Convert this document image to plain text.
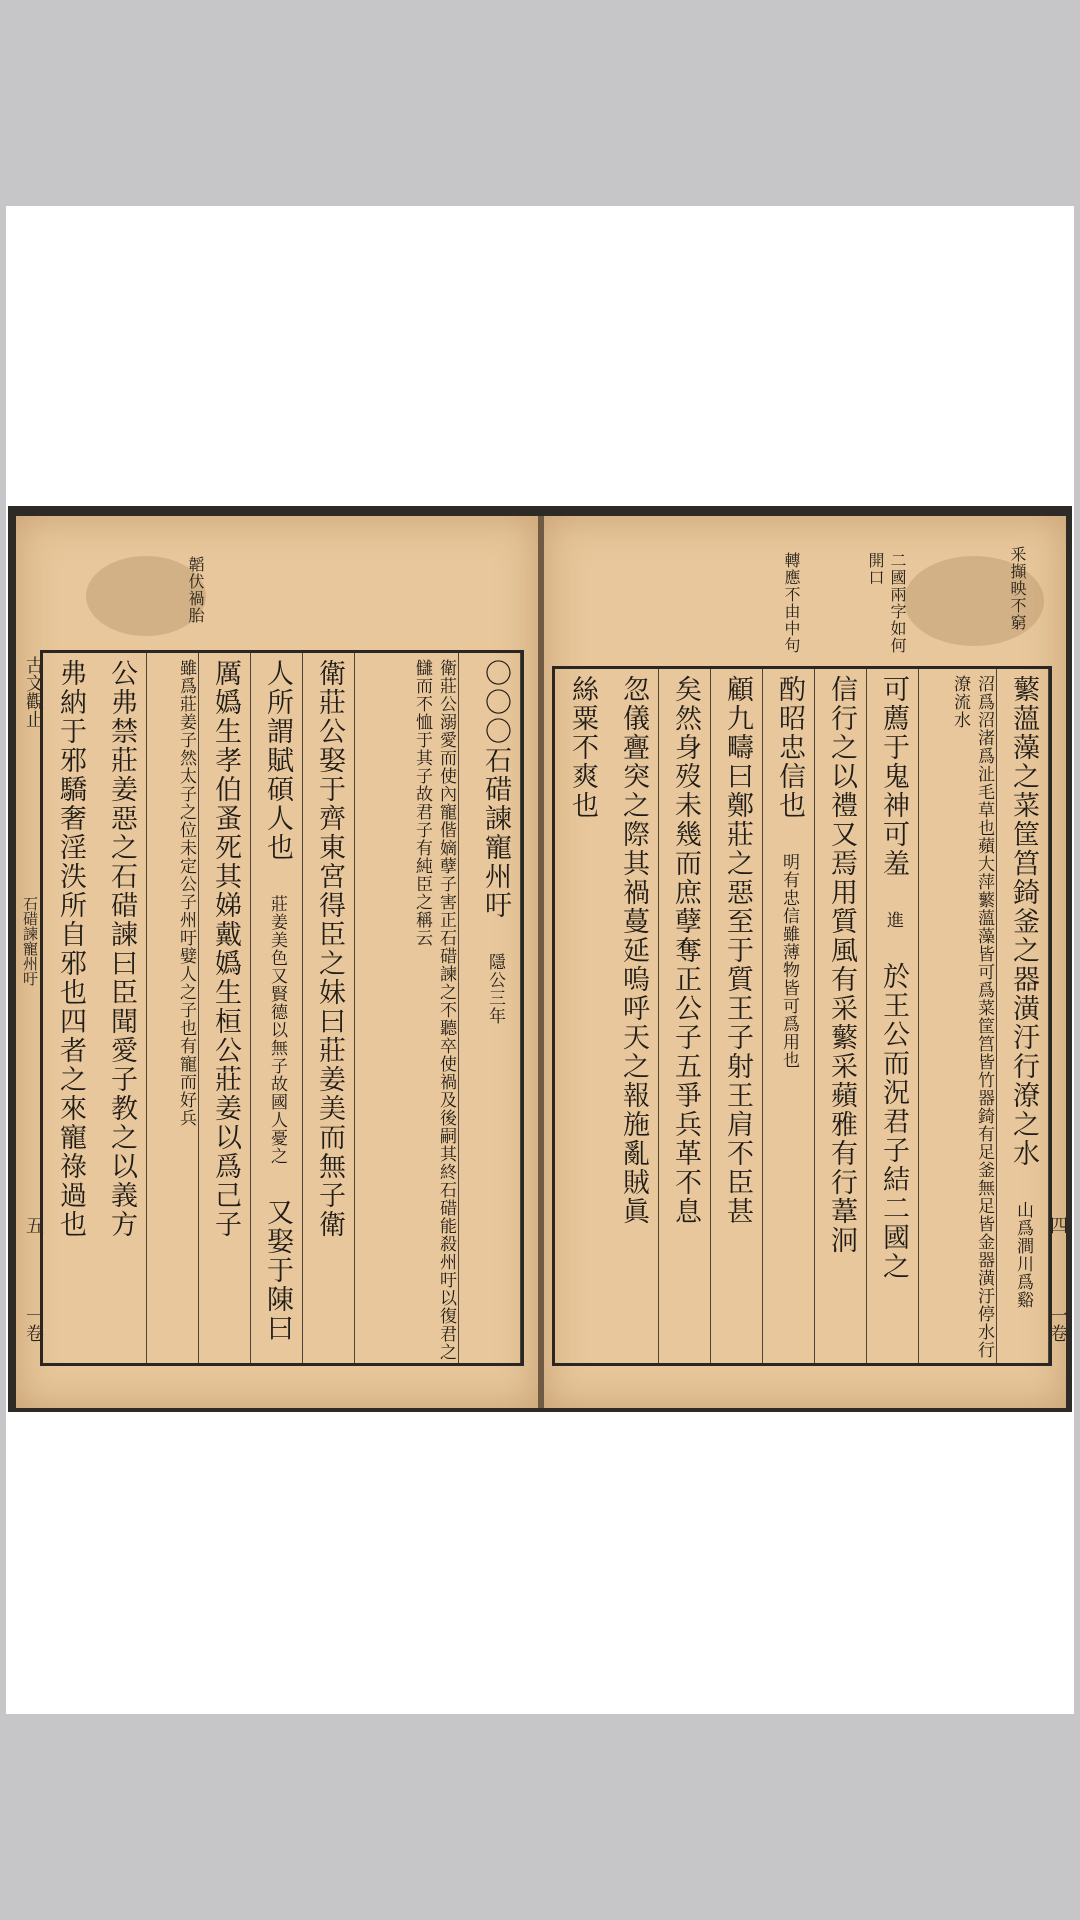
韜伏禍胎
古文觀止
石碏諫寵州吁
五
一卷
弗納于邪驕奢淫泆所自邪也四者之來寵祿過也 公弗禁莊姜惡之石碏諫曰臣聞愛子教之以義方	雖爲莊姜子然太子之位未定公子州吁嬖人之子也有寵而好兵 厲嬀生孝伯蚤死其娣戴嬀生桓公莊姜以爲己子 人所謂賦碩人也 莊姜美色又賢德以無子故國人憂之 又娶于陳曰
衛莊公娶于齊東宮得臣之妹曰莊姜美而無子衛	衛莊公溺愛而使內寵偕嫡孽子害正石碏諫之不聽卒使禍及後嗣其終石碏能殺州吁以復君之讎而不恤于其子故君子有純臣之稱云	〇〇〇石碏諫寵州吁 隱公三年
釆擷映不窮
二國兩字如何開口
轉應不由中句
四
一卷
絲粟不爽也 忽儀亹突之際其禍蔓延嗚呼天之報施亂賊眞 矣然身歿未幾而庶孽奪正公子五爭兵革不息 顧九疇曰鄭莊之惡至于質王子射王肩不臣甚 酌昭忠信也 明有忠信雖薄物皆可爲用也	信行之以禮又焉用質風有采蘩采蘋雅有行葦泂 可薦于鬼神可羞 進 於王公而況君子結二國之	沼爲沼渚爲沚毛草也蘋大萍蘩薀藻皆可爲菜筐筥皆竹器錡有足釜無足皆金器潢汙停水行潦流水	蘩薀藻之菜筐筥錡釜之器潢汙行潦之水 山爲澗川爲谿
